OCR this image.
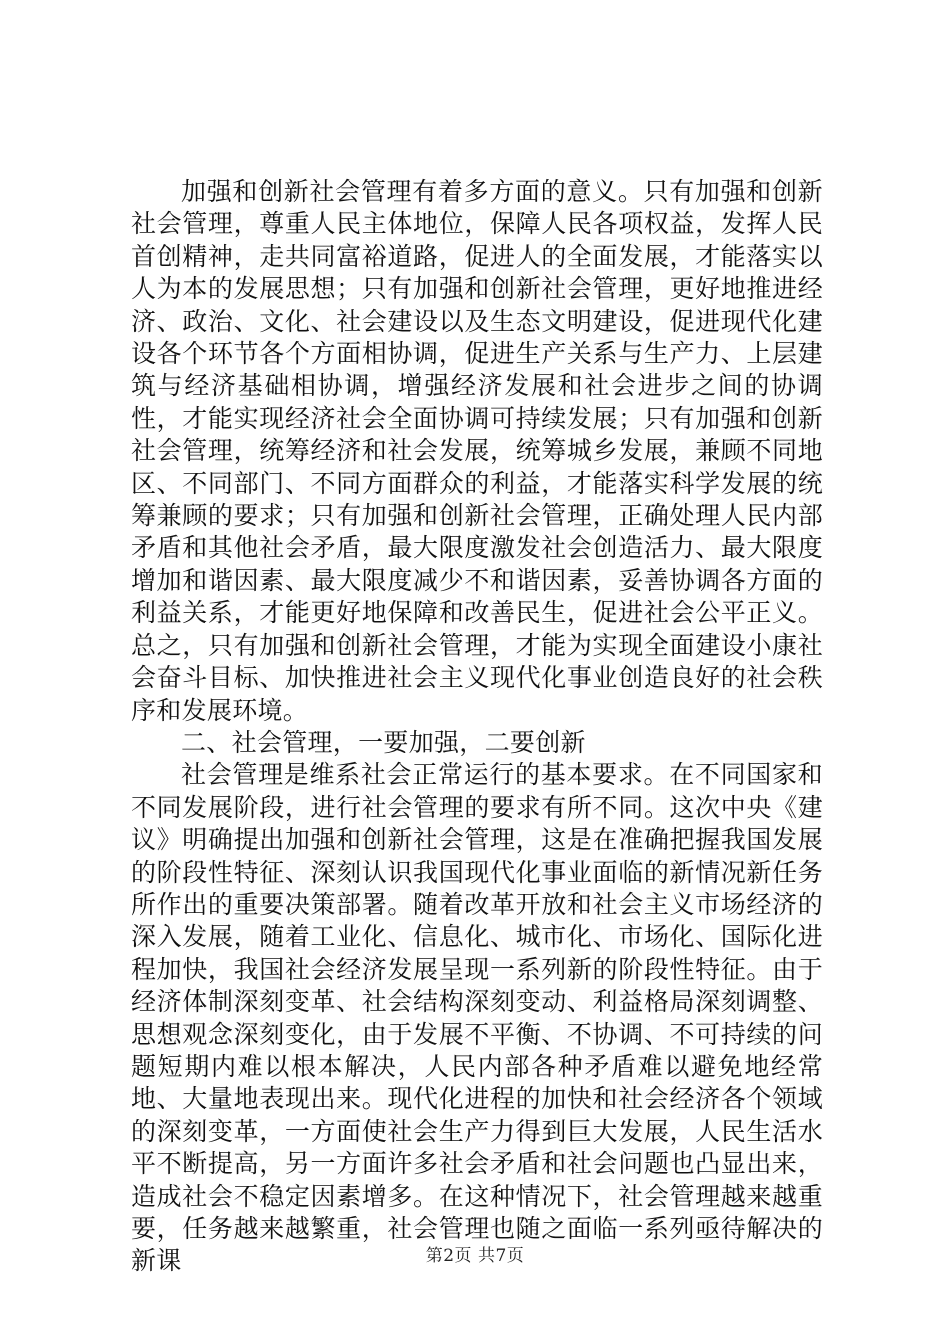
加强和创新社会管理有着多方面的意义。只有加强和创新社会管理，尊重人民主体地位，保障人民各项权益，发挥人民首创精神，走共同富裕道路，促进人的全面发展，才能落实以人为本的发展思想；只有加强和创新社会管理，更好地推进经济、政治、文化、社会建设以及生态文明建设，促进现代化建设各个环节各个方面相协调，促进生产关系与生产力、上层建筑与经济基础相协调，增强经济发展和社会进步之间的协调性，才能实现经济社会全面协调可持续发展；只有加强和创新社会管理，统筹经济和社会发展，统筹城乡发展，兼顾不同地区、不同部门、不同方面群众的利益，才能落实科学发展的统筹兼顾的要求；只有加强和创新社会管理，正确处理人民内部矛盾和其他社会矛盾，最大限度激发社会创造活力、最大限度增加和谐因素、最大限度减少不和谐因素，妥善协调各方面的利益关系，才能更好地保障和改善民生，促进社会公平正义。总之，只有加强和创新社会管理，才能为实现全面建设小康社会奋斗目标、加快推进社会主义现代化事业创造良好的社会秩序和发展环境。

二、社会管理，一要加强，二要创新

社会管理是维系社会正常运行的基本要求。在不同国家和不同发展阶段，进行社会管理的要求有所不同。这次中央《建议》明确提出加强和创新社会管理，这是在准确把握我国发展的阶段性特征、深刻认识我国现代化事业面临的新情况新任务所作出的重要决策部署。随着改革开放和社会主义市场经济的深入发展，随着工业化、信息化、城市化、市场化、国际化进程加快，我国社会经济发展呈现一系列新的阶段性特征。由于经济体制深刻变革、社会结构深刻变动、利益格局深刻调整、思想观念深刻变化，由于发展不平衡、不协调、不可持续的问题短期内难以根本解决，人民内部各种矛盾难以避免地经常地、大量地表现出来。现代化进程的加快和社会经济各个领域的深刻变革，一方面使社会生产力得到巨大发展，人民生活水平不断提高，另一方面许多社会矛盾和社会问题也凸显出来，造成社会不稳定因素增多。在这种情况下，社会管理越来越重要，任务越来越繁重，社会管理也随之面临一系列亟待解决的新课	第2页 共7页
